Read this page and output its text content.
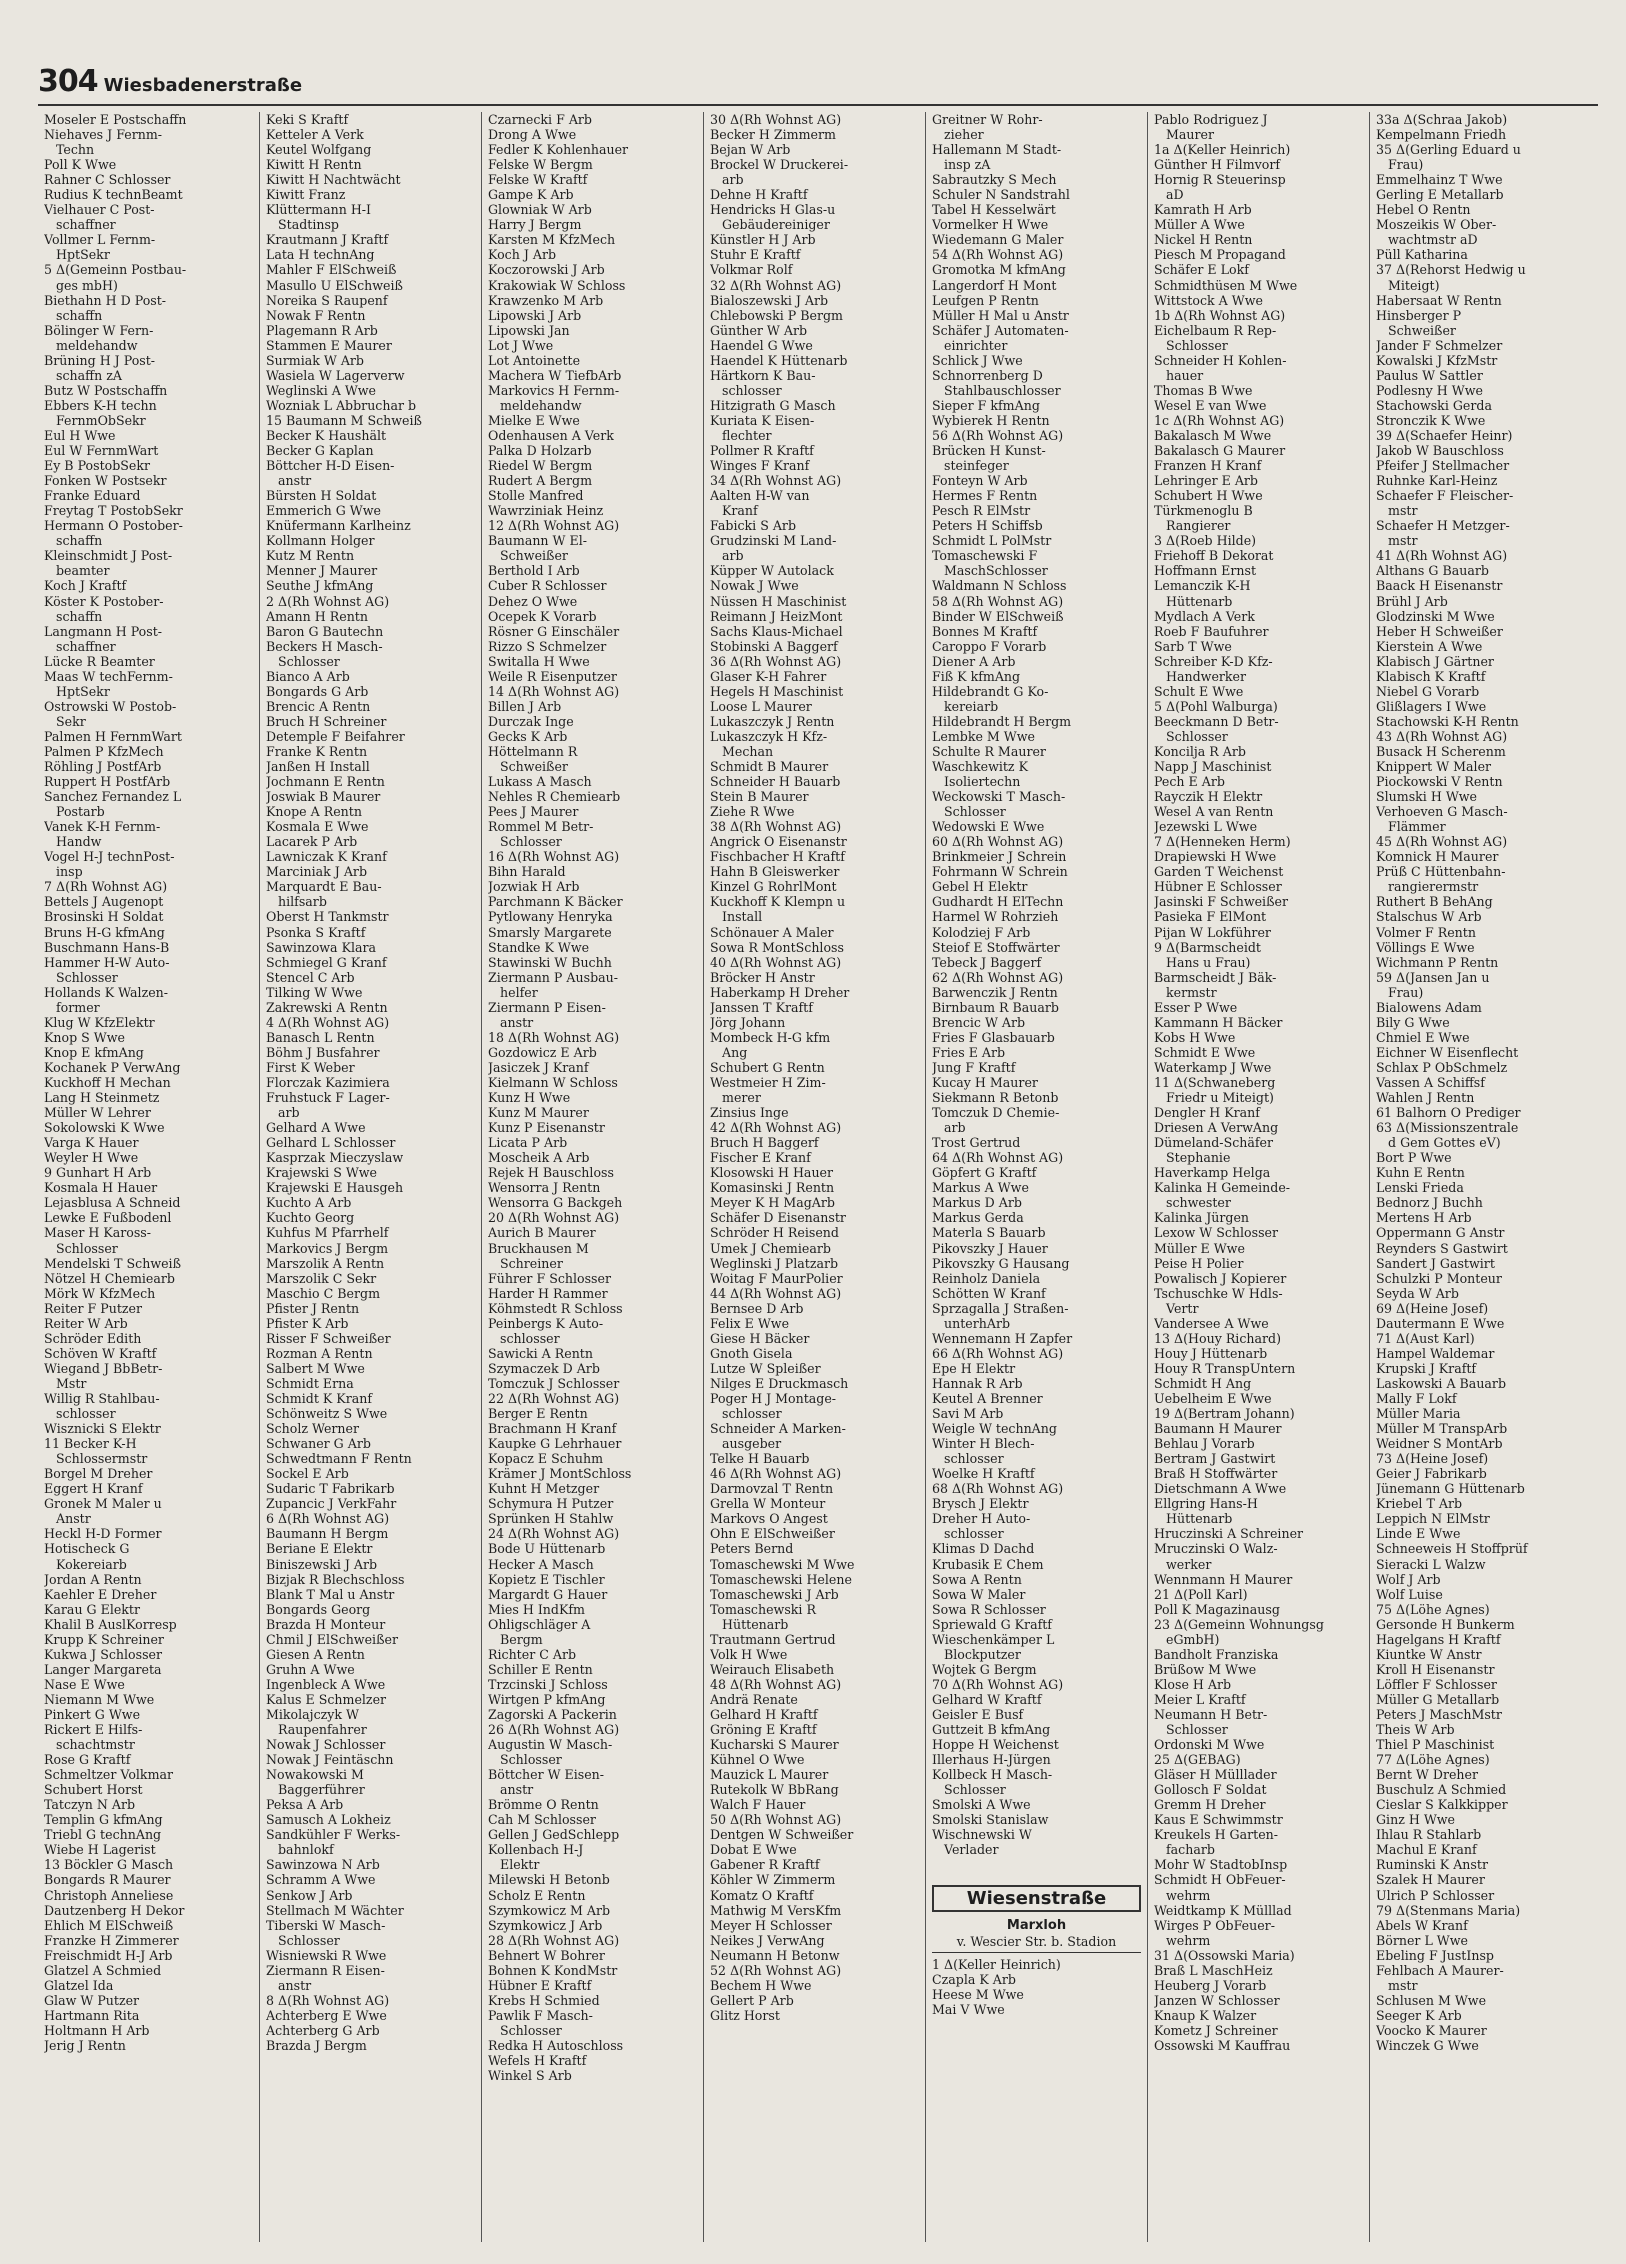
304 Wiesbadenerstraße
Moseler E Postschaffn
Niehaves J Fernm-
Techn
Poll K Wwe
Rahner C Schlosser
Rudius K technBeamt
Vielhauer C Post-
schaffner
Vollmer L Fernm-
HptSekr
5 Δ(Gemeinn Postbau-
ges mbH)
Biethahn H D Post-
schaffn
Bölinger W Fern-
meldehandw
Brüning H J Post-
schaffn zA
Butz W Postschaffn
Ebbers K-H techn
FernmObSekr
Eul H Wwe
Eul W FernmWart
Ey B PostobSekr
Fonken W Postsekr
Franke Eduard
Freytag T PostobSekr
Hermann O Postober-
schaffn
Kleinschmidt J Post-
beamter
Koch J Kraftf
Köster K Postober-
schaffn
Langmann H Post-
schaffner
Lücke R Beamter
Maas W techFernm-
HptSekr
Ostrowski W Postob-
Sekr
Palmen H FernmWart
Palmen P KfzMech
Röhling J PostfArb
Ruppert H PostfArb
Sanchez Fernandez L
Postarb
Vanek K-H Fernm-
Handw
Vogel H-J technPost-
insp
7 Δ(Rh Wohnst AG)
Bettels J Augenopt
Brosinski H Soldat
Bruns H-G kfmAng
Buschmann Hans-B
Hammer H-W Auto-
Schlosser
Hollands K Walzen-
former
Klug W KfzElektr
Knop S Wwe
Knop E kfmAng
Kochanek P VerwAng
Kuckhoff H Mechan
Lang H Steinmetz
Müller W Lehrer
Sokolowski K Wwe
Varga K Hauer
Weyler H Wwe
9 Gunhart H Arb
Kosmala H Hauer
Lejasblusa A Schneid
Lewke E Fußbodenl
Maser H Kaross-
Schlosser
Mendelski T Schweiß
Nötzel H Chemiearb
Mörk W KfzMech
Reiter F Putzer
Reiter W Arb
Schröder Edith
Schöven W Kraftf
Wiegand J BbBetr-
Mstr
Willig R Stahlbau-
schlosser
Wisznicki S Elektr
11 Becker K-H
Schlossermstr
Borgel M Dreher
Eggert H Kranf
Gronek M Maler u
Anstr
Heckl H-D Former
Hotischeck G
Kokereiarb
Jordan A Rentn
Kaehler E Dreher
Karau G Elektr
Khalil B AuslKorresp
Krupp K Schreiner
Kukwa J Schlosser
Langer Margareta
Nase E Wwe
Niemann M Wwe
Pinkert G Wwe
Rickert E Hilfs-
schachtmstr
Rose G Kraftf
Schmeltzer Volkmar
Schubert Horst
Tatczyn N Arb
Templin G kfmAng
Triebl G technAng
Wiebe H Lagerist
13 Böckler G Masch
Bongards R Maurer
Christoph Anneliese
Dautzenberg H Dekor
Ehlich M ElSchweiß
Franzke H Zimmerer
Freischmidt H-J Arb
Glatzel A Schmied
Glatzel Ida
Glaw W Putzer
Hartmann Rita
Holtmann H Arb
Jerig J Rentn
Keki S Kraftf
Ketteler A Verk
Keutel Wolfgang
Kiwitt H Rentn
Kiwitt H Nachtwächt
Kiwitt Franz
Klüttermann H-I
Stadtinsp
Krautmann J Kraftf
Lata H technAng
Mahler F ElSchweiß
Masullo U ElSchweiß
Noreika S Raupenf
Nowak F Rentn
Plagemann R Arb
Stammen E Maurer
Surmiak W Arb
Wasiela W Lagerverw
Weglinski A Wwe
Wozniak L Abbruchar b
15 Baumann M Schweiß
Becker K Haushält
Becker G Kaplan
Böttcher H-D Eisen-
anstr
Bürsten H Soldat
Emmerich G Wwe
Knüfermann Karlheinz
Kollmann Holger
Kutz M Rentn
Menner J Maurer
Seuthe J kfmAng
2 Δ(Rh Wohnst AG)
Amann H Rentn
Baron G Bautechn
Beckers H Masch-
Schlosser
Bianco A Arb
Bongards G Arb
Brencic A Rentn
Bruch H Schreiner
Detemple F Beifahrer
Franke K Rentn
Janßen H Install
Jochmann E Rentn
Joswiak B Maurer
Knope A Rentn
Kosmala E Wwe
Lacarek P Arb
Lawniczak K Kranf
Marciniak J Arb
Marquardt E Bau-
hilfsarb
Oberst H Tankmstr
Psonka S Kraftf
Sawinzowa Klara
Schmiegel G Kranf
Stencel C Arb
Tilking W Wwe
Zakrewski A Rentn
4 Δ(Rh Wohnst AG)
Banasch L Rentn
Böhm J Busfahrer
First K Weber
Florczak Kazimiera
Fruhstuck F Lager-
arb
Gelhard A Wwe
Gelhard L Schlosser
Kasprzak Mieczyslaw
Krajewski S Wwe
Krajewski E Hausgeh
Kuchto A Arb
Kuchto Georg
Kuhfus M Pfarrhelf
Markovics J Bergm
Marszolik A Rentn
Marszolik C Sekr
Maschio C Bergm
Pfister J Rentn
Pfister K Arb
Risser F Schweißer
Rozman A Rentn
Salbert M Wwe
Schmidt Erna
Schmidt K Kranf
Schönweitz S Wwe
Scholz Werner
Schwaner G Arb
Schwedtmann F Rentn
Sockel E Arb
Sudaric T Fabrikarb
Zupancic J VerkFahr
6 Δ(Rh Wohnst AG)
Baumann H Bergm
Beriane E Elektr
Biniszewski J Arb
Bizjak R Blechschloss
Blank T Mal u Anstr
Bongards Georg
Brazda H Monteur
Chmil J ElSchweißer
Giesen A Rentn
Gruhn A Wwe
Ingenbleck A Wwe
Kalus E Schmelzer
Mikolajczyk W
Raupenfahrer
Nowak J Schlosser
Nowak J Feintäschn
Nowakowski M
Baggerführer
Peksa A Arb
Samusch A Lokheiz
Sandkühler F Werks-
bahnlokf
Sawinzowa N Arb
Schramm A Wwe
Senkow J Arb
Stellmach M Wächter
Tiberski W Masch-
Schlosser
Wisniewski R Wwe
Ziermann R Eisen-
anstr
8 Δ(Rh Wohnst AG)
Achterberg E Wwe
Achterberg G Arb
Brazda J Bergm
Czarnecki F Arb
Drong A Wwe
Fedler K Kohlenhauer
Felske W Bergm
Felske W Kraftf
Gampe K Arb
Glowniak W Arb
Harry J Bergm
Karsten M KfzMech
Koch J Arb
Koczorowski J Arb
Krakowiak W Schloss
Krawzenko M Arb
Lipowski J Arb
Lipowski Jan
Lot J Wwe
Lot Antoinette
Machera W TiefbArb
Markovics H Fernm-
meldehandw
Mielke E Wwe
Odenhausen A Verk
Palka D Holzarb
Riedel W Bergm
Rudert A Bergm
Stolle Manfred
Wawrziniak Heinz
12 Δ(Rh Wohnst AG)
Baumann W El-
Schweißer
Berthold I Arb
Cuber R Schlosser
Dehez O Wwe
Ocepek K Vorarb
Rösner G Einschäler
Rizzo S Schmelzer
Switalla H Wwe
Weile R Eisenputzer
14 Δ(Rh Wohnst AG)
Billen J Arb
Durczak Inge
Gecks K Arb
Höttelmann R
Schweißer
Lukass A Masch
Nehles R Chemiearb
Pees J Maurer
Rommel M Betr-
Schlosser
16 Δ(Rh Wohnst AG)
Bihn Harald
Jozwiak H Arb
Parchmann K Bäcker
Pytlowany Henryka
Smarsly Margarete
Standke K Wwe
Stawinski W Buchh
Ziermann P Ausbau-
helfer
Ziermann P Eisen-
anstr
18 Δ(Rh Wohnst AG)
Gozdowicz E Arb
Jasiczek J Kranf
Kielmann W Schloss
Kunz H Wwe
Kunz M Maurer
Kunz P Eisenanstr
Licata P Arb
Moscheik A Arb
Rejek H Bauschloss
Wensorra J Rentn
Wensorra G Backgeh
20 Δ(Rh Wohnst AG)
Aurich B Maurer
Bruckhausen M
Schreiner
Führer F Schlosser
Harder H Rammer
Köhmstedt R Schloss
Peinbergs K Auto-
schlosser
Sawicki A Rentn
Szymaczek D Arb
Tomczuk J Schlosser
22 Δ(Rh Wohnst AG)
Berger E Rentn
Brachmann H Kranf
Kaupke G Lehrhauer
Kopacz E Schuhm
Krämer J MontSchloss
Kuhnt H Metzger
Schymura H Putzer
Sprünken H Stahlw
24 Δ(Rh Wohnst AG)
Bode U Hüttenarb
Hecker A Masch
Kopietz E Tischler
Margardt G Hauer
Mies H IndKfm
Ohligschläger A
Bergm
Richter C Arb
Schiller E Rentn
Trzcinski J Schloss
Wirtgen P kfmAng
Zagorski A Packerin
26 Δ(Rh Wohnst AG)
Augustin W Masch-
Schlosser
Böttcher W Eisen-
anstr
Brömme O Rentn
Cah M Schlosser
Gellen J GedSchlepp
Kollenbach H-J
Elektr
Milewski H Betonb
Scholz E Rentn
Szymkowicz M Arb
Szymkowicz J Arb
28 Δ(Rh Wohnst AG)
Behnert W Bohrer
Bohnen K KondMstr
Hübner E Kraftf
Krebs H Schmied
Pawlik F Masch-
Schlosser
Redka H Autoschloss
Wefels H Kraftf
Winkel S Arb
30 Δ(Rh Wohnst AG)
Becker H Zimmerm
Bejan W Arb
Brockel W Druckerei-
arb
Dehne H Kraftf
Hendricks H Glas-u
Gebäudereiniger
Künstler H J Arb
Stuhr E Kraftf
Volkmar Rolf
32 Δ(Rh Wohnst AG)
Bialoszewski J Arb
Chlebowski P Bergm
Günther W Arb
Haendel G Wwe
Haendel K Hüttenarb
Härtkorn K Bau-
schlosser
Hitzigrath G Masch
Kuriata K Eisen-
flechter
Pollmer R Kraftf
Winges F Kranf
34 Δ(Rh Wohnst AG)
Aalten H-W van
Kranf
Fabicki S Arb
Grudzinski M Land-
arb
Küpper W Autolack
Nowak J Wwe
Nüssen H Maschinist
Reimann J HeizMont
Sachs Klaus-Michael
Stobinski A Baggerf
36 Δ(Rh Wohnst AG)
Glaser K-H Fahrer
Hegels H Maschinist
Loose L Maurer
Lukaszczyk J Rentn
Lukaszczyk H Kfz-
Mechan
Schmidt B Maurer
Schneider H Bauarb
Stein B Maurer
Ziehe R Wwe
38 Δ(Rh Wohnst AG)
Angrick O Eisenanstr
Fischbacher H Kraftf
Hahn B Gleiswerker
Kinzel G RohrlMont
Kuckhoff K Klempn u
Install
Schönauer A Maler
Sowa R MontSchloss
40 Δ(Rh Wohnst AG)
Bröcker H Anstr
Haberkamp H Dreher
Janssen T Kraftf
Jörg Johann
Mombeck H-G kfm
Ang
Schubert G Rentn
Westmeier H Zim-
merer
Zinsius Inge
42 Δ(Rh Wohnst AG)
Bruch H Baggerf
Fischer E Kranf
Klosowski H Hauer
Komasinski J Rentn
Meyer K H MagArb
Schäfer D Eisenanstr
Schröder H Reisend
Umek J Chemiearb
Weglinski J Platzarb
Woitag F MaurPolier
44 Δ(Rh Wohnst AG)
Bernsee D Arb
Felix E Wwe
Giese H Bäcker
Gnoth Gisela
Lutze W Spleißer
Nilges E Druckmasch
Poger H J Montage-
schlosser
Schneider A Marken-
ausgeber
Telke H Bauarb
46 Δ(Rh Wohnst AG)
Darmovzal T Rentn
Grella W Monteur
Markovs O Angest
Ohn E ElSchweißer
Peters Bernd
Tomaschewski M Wwe
Tomaschewski Helene
Tomaschewski J Arb
Tomaschewski R
Hüttenarb
Trautmann Gertrud
Volk H Wwe
Weirauch Elisabeth
48 Δ(Rh Wohnst AG)
Andrä Renate
Gelhard H Kraftf
Gröning E Kraftf
Kucharski S Maurer
Kühnel O Wwe
Mauzick L Maurer
Rutekolk W BbRang
Walch F Hauer
50 Δ(Rh Wohnst AG)
Dentgen W Schweißer
Dobat E Wwe
Gabener R Kraftf
Köhler W Zimmerm
Komatz O Kraftf
Mathwig M VersKfm
Meyer H Schlosser
Neikes J VerwAng
Neumann H Betonw
52 Δ(Rh Wohnst AG)
Bechem H Wwe
Gellert P Arb
Glitz Horst
Greitner W Rohr-
zieher
Hallemann M Stadt-
insp zA
Sabrautzky S Mech
Schuler N Sandstrahl
Tabel H Kesselwärt
Vormelker H Wwe
Wiedemann G Maler
54 Δ(Rh Wohnst AG)
Gromotka M kfmAng
Langerdorf H Mont
Leufgen P Rentn
Müller H Mal u Anstr
Schäfer J Automaten-
einrichter
Schlick J Wwe
Schnorrenberg D
Stahlbauschlosser
Sieper F kfmAng
Wybierek H Rentn
56 Δ(Rh Wohnst AG)
Brücken H Kunst-
steinfeger
Fonteyn W Arb
Hermes F Rentn
Pesch R ElMstr
Peters H Schiffsb
Schmidt L PolMstr
Tomaschewski F
MaschSchlosser
Waldmann N Schloss
58 Δ(Rh Wohnst AG)
Binder W ElSchweiß
Bonnes M Kraftf
Caroppo F Vorarb
Diener A Arb
Fiß K kfmAng
Hildebrandt G Ko-
kereiarb
Hildebrandt H Bergm
Lembke M Wwe
Schulte R Maurer
Waschkewitz K
Isoliertechn
Weckowski T Masch-
Schlosser
Wedowski E Wwe
60 Δ(Rh Wohnst AG)
Brinkmeier J Schrein
Fohrmann W Schrein
Gebel H Elektr
Gudhardt H ElTechn
Harmel W Rohrzieh
Kolodziej F Arb
Steiof E Stoffwärter
Tebeck J Baggerf
62 Δ(Rh Wohnst AG)
Barwenczik J Rentn
Birnbaum R Bauarb
Brencic W Arb
Fries F Glasbauarb
Fries E Arb
Jung F Kraftf
Kucay H Maurer
Siekmann R Betonb
Tomczuk D Chemie-
arb
Trost Gertrud
64 Δ(Rh Wohnst AG)
Göpfert G Kraftf
Markus A Wwe
Markus D Arb
Markus Gerda
Materla S Bauarb
Pikovszky J Hauer
Pikovszky G Hausang
Reinholz Daniela
Schötten W Kranf
Sprzagalla J Straßen-
unterhArb
Wennemann H Zapfer
66 Δ(Rh Wohnst AG)
Epe H Elektr
Hannak R Arb
Keutel A Brenner
Savi M Arb
Weigle W technAng
Winter H Blech-
schlosser
Woelke H Kraftf
68 Δ(Rh Wohnst AG)
Brysch J Elektr
Dreher H Auto-
schlosser
Klimas D Dachd
Krubasik E Chem
Sowa A Rentn
Sowa W Maler
Sowa R Schlosser
Spriewald G Kraftf
Wieschenkämper L
Blockputzer
Wojtek G Bergm
70 Δ(Rh Wohnst AG)
Gelhard W Kraftf
Geisler E Busf
Guttzeit B kfmAng
Hoppe H Weichenst
Illerhaus H-Jürgen
Kollbeck H Masch-
Schlosser
Smolski A Wwe
Smolski Stanislaw
Wischnewski W
Verlader
Wiesenstraße
Marxloh
v. Wescier Str. b. Stadion
1 Δ(Keller Heinrich)
Czapla K Arb
Heese M Wwe
Mai V Wwe
Pablo Rodriguez J
Maurer
1a Δ(Keller Heinrich)
Günther H Filmvorf
Hornig R Steuerinsp
aD
Kamrath H Arb
Müller A Wwe
Nickel H Rentn
Piesch M Propagand
Schäfer E Lokf
Schmidthüsen M Wwe
Wittstock A Wwe
1b Δ(Rh Wohnst AG)
Eichelbaum R Rep-
Schlosser
Schneider H Kohlen-
hauer
Thomas B Wwe
Wesel E van Wwe
1c Δ(Rh Wohnst AG)
Bakalasch M Wwe
Bakalasch G Maurer
Franzen H Kranf
Lehringer E Arb
Schubert H Wwe
Türkmenoglu B
Rangierer
3 Δ(Roeb Hilde)
Friehoff B Dekorat
Hoffmann Ernst
Lemanczik K-H
Hüttenarb
Mydlach A Verk
Roeb F Baufuhrer
Sarb T Wwe
Schreiber K-D Kfz-
Handwerker
Schult E Wwe
5 Δ(Pohl Walburga)
Beeckmann D Betr-
Schlosser
Koncilja R Arb
Napp J Maschinist
Pech E Arb
Rayczik H Elektr
Wesel A van Rentn
Jezewski L Wwe
7 Δ(Henneken Herm)
Drapiewski H Wwe
Garden T Weichenst
Hübner E Schlosser
Jasinski F Schweißer
Pasieka F ElMont
Pijan W Lokführer
9 Δ(Barmscheidt
Hans u Frau)
Barmscheidt J Bäk-
kermstr
Esser P Wwe
Kammann H Bäcker
Kobs H Wwe
Schmidt E Wwe
Waterkamp J Wwe
11 Δ(Schwaneberg
Friedr u Miteigt)
Dengler H Kranf
Driesen A VerwAng
Dümeland-Schäfer
Stephanie
Haverkamp Helga
Kalinka H Gemeinde-
schwester
Kalinka Jürgen
Lexow W Schlosser
Müller E Wwe
Peise H Polier
Powalisch J Kopierer
Tschuschke W Hdls-
Vertr
Vandersee A Wwe
13 Δ(Houy Richard)
Houy J Hüttenarb
Houy R TranspUntern
Schmidt H Ang
Uebelheim E Wwe
19 Δ(Bertram Johann)
Baumann H Maurer
Behlau J Vorarb
Bertram J Gastwirt
Braß H Stoffwärter
Dietschmann A Wwe
Ellgring Hans-H
Hüttenarb
Hruczinski A Schreiner
Mruczinski O Walz-
werker
Wennmann H Maurer
21 Δ(Poll Karl)
Poll K Magazinausg
23 Δ(Gemeinn Wohnungsg
eGmbH)
Bandholt Franziska
Brüßow M Wwe
Klose H Arb
Meier L Kraftf
Neumann H Betr-
Schlosser
Ordonski M Wwe
25 Δ(GEBAG)
Gläser H Mülllader
Gollosch F Soldat
Gremm H Dreher
Kaus E Schwimmstr
Kreukels H Garten-
facharb
Mohr W StadtobInsp
Schmidt H ObFeuer-
wehrm
Weidtkamp K Mülllad
Wirges P ObFeuer-
wehrm
31 Δ(Ossowski Maria)
Braß L MaschHeiz
Heuberg J Vorarb
Janzen W Schlosser
Knaup K Walzer
Kometz J Schreiner
Ossowski M Kauffrau
33a Δ(Schraa Jakob)
Kempelmann Friedh
35 Δ(Gerling Eduard u
Frau)
Emmelhainz T Wwe
Gerling E Metallarb
Hebel O Rentn
Moszeikis W Ober-
wachtmstr aD
Püll Katharina
37 Δ(Rehorst Hedwig u
Miteigt)
Habersaat W Rentn
Hinsberger P
Schweißer
Jander F Schmelzer
Kowalski J KfzMstr
Paulus W Sattler
Podlesny H Wwe
Stachowski Gerda
Stronczik K Wwe
39 Δ(Schaefer Heinr)
Jakob W Bauschloss
Pfeifer J Stellmacher
Ruhnke Karl-Heinz
Schaefer F Fleischer-
mstr
Schaefer H Metzger-
mstr
41 Δ(Rh Wohnst AG)
Althans G Bauarb
Baack H Eisenanstr
Brühl J Arb
Glodzinski M Wwe
Heber H Schweißer
Kierstein A Wwe
Klabisch J Gärtner
Klabisch K Kraftf
Niebel G Vorarb
Glißlagers I Wwe
Stachowski K-H Rentn
43 Δ(Rh Wohnst AG)
Busack H Scherenm
Knippert W Maler
Piockowski V Rentn
Slumski H Wwe
Verhoeven G Masch-
Flämmer
45 Δ(Rh Wohnst AG)
Komnick H Maurer
Prüß C Hüttenbahn-
rangierermstr
Ruthert B BehAng
Stalschus W Arb
Volmer F Rentn
Völlings E Wwe
Wichmann P Rentn
59 Δ(Jansen Jan u
Frau)
Bialowens Adam
Bily G Wwe
Chmiel E Wwe
Eichner W Eisenflecht
Schlax P ObSchmelz
Vassen A Schiffsf
Wahlen J Rentn
61 Balhorn O Prediger
63 Δ(Missionszentrale
d Gem Gottes eV)
Bort P Wwe
Kuhn E Rentn
Lenski Frieda
Bednorz J Buchh
Mertens H Arb
Oppermann G Anstr
Reynders S Gastwirt
Sandert J Gastwirt
Schulzki P Monteur
Seyda W Arb
69 Δ(Heine Josef)
Dautermann E Wwe
71 Δ(Aust Karl)
Hampel Waldemar
Krupski J Kraftf
Laskowski A Bauarb
Mally F Lokf
Müller Maria
Müller M TranspArb
Weidner S MontArb
73 Δ(Heine Josef)
Geier J Fabrikarb
Jünemann G Hüttenarb
Kriebel T Arb
Leppich N ElMstr
Linde E Wwe
Schneeweis H Stoffprüf
Sieracki L Walzw
Wolf J Arb
Wolf Luise
75 Δ(Löhe Agnes)
Gersonde H Bunkerm
Hagelgans H Kraftf
Kiuntke W Anstr
Kroll H Eisenanstr
Löffler F Schlosser
Müller G Metallarb
Peters J MaschMstr
Theis W Arb
Thiel P Maschinist
77 Δ(Löhe Agnes)
Bernt W Dreher
Buschulz A Schmied
Cieslar S Kalkkipper
Ginz H Wwe
Ihlau R Stahlarb
Machul E Kranf
Ruminski K Anstr
Szalek H Maurer
Ulrich P Schlosser
79 Δ(Stenmans Maria)
Abels W Kranf
Börner L Wwe
Ebeling F JustInsp
Fehlbach A Maurer-
mstr
Schlusen M Wwe
Seeger K Arb
Voocko K Maurer
Winczek G Wwe
